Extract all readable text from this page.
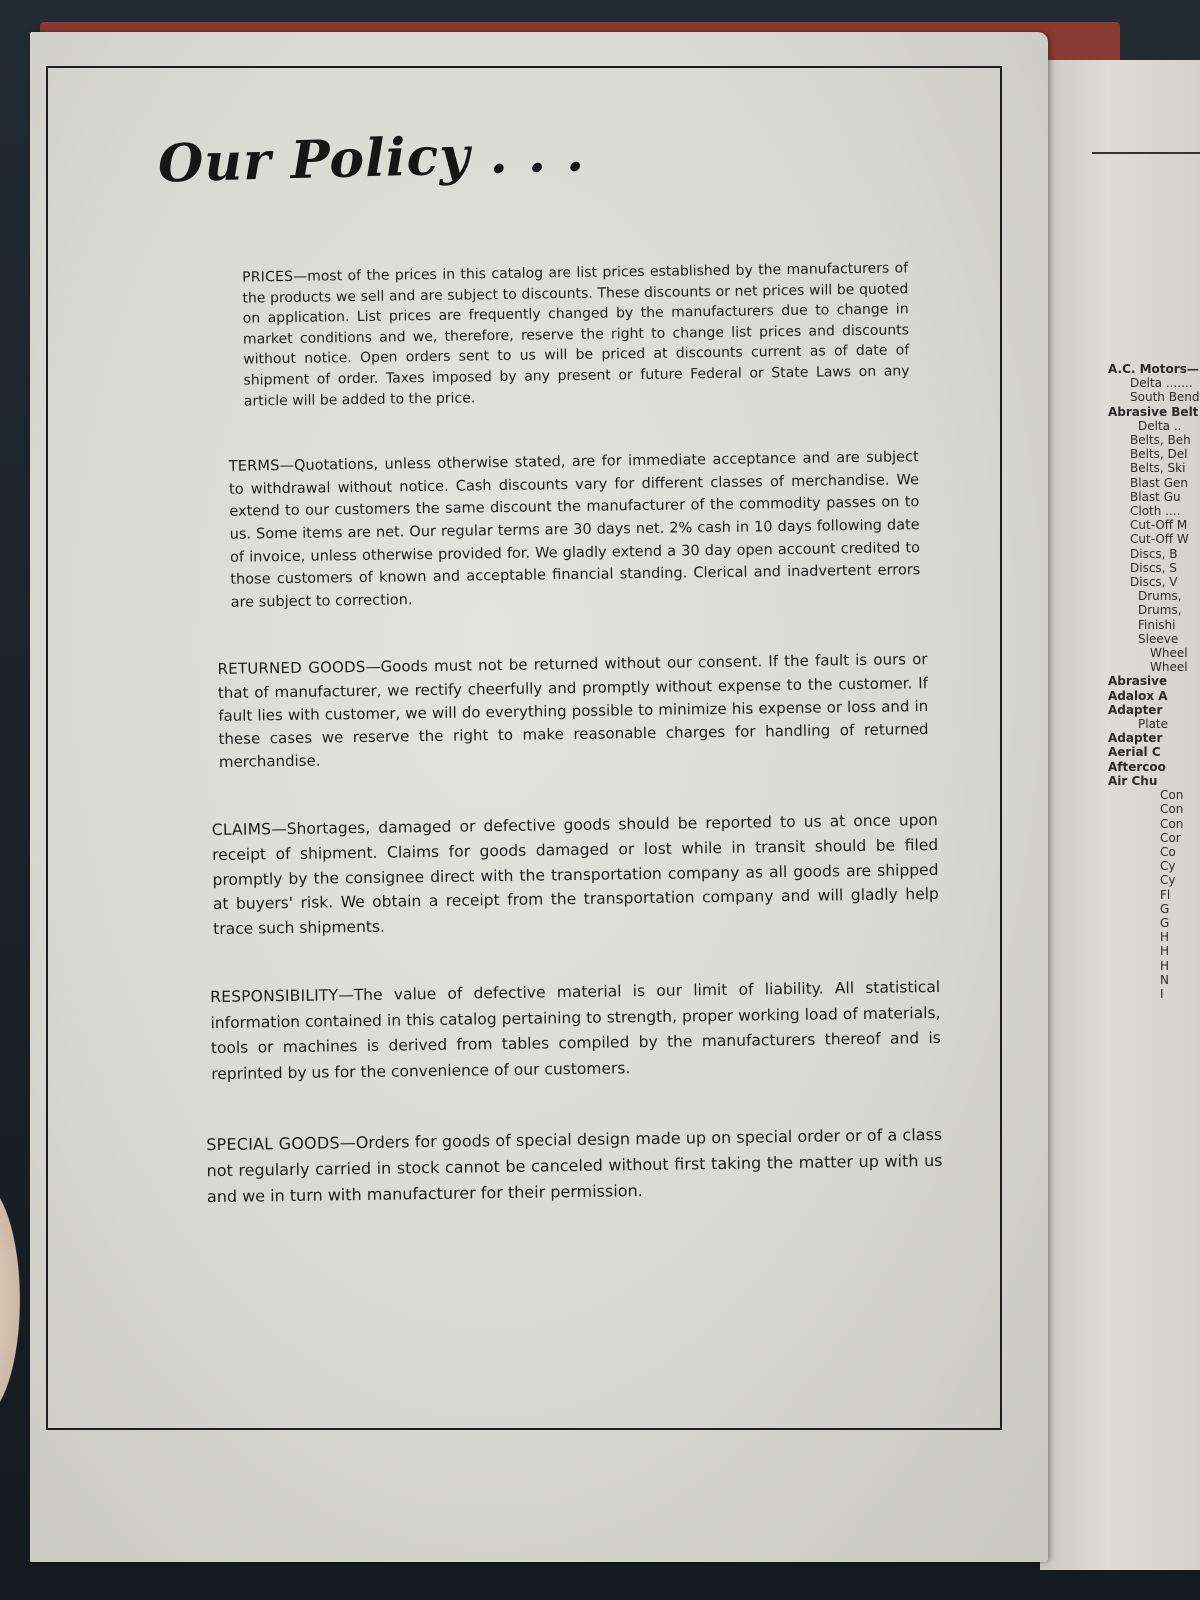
A.C. Motors—
Delta .......
South Bend
Abrasive Belt
Delta ..
Belts, Beh
Belts, Del
Belts, Ski
Blast Gen
Blast Gu
Cloth ....
Cut-Off M
Cut-Off W
Discs, B
Discs, S
Discs, V
Drums,
Drums,
Finishi
Sleeve
Wheel
Wheel
Abrasive
Adalox A
Adapter
Plate
Adapter
Aerial C
Aftercoo
Air Chu
Con
Con
Con
Cor
Co
Cy
Cy
Fl
G
G
H
H
H
N
I
Our Policy . . .

PRICES—most of the prices in this catalog are list prices established by the manufacturers of the products we sell and are subject to discounts. These discounts or net prices will be quoted on application. List prices are frequently changed by the manufacturers due to change in market conditions and we, therefore, reserve the right to change list prices and discounts without notice. Open orders sent to us will be priced at discounts current as of date of shipment of order. Taxes imposed by any present or future Federal or State Laws on any article will be added to the price.

TERMS—Quotations, unless otherwise stated, are for immediate acceptance and are subject to withdrawal without notice. Cash discounts vary for different classes of merchandise. We extend to our customers the same discount the manufacturer of the commodity passes on to us. Some items are net. Our regular terms are 30 days net. 2% cash in 10 days following date of invoice, unless otherwise provided for. We gladly extend a 30 day open account credited to those customers of known and acceptable financial standing. Clerical and inadvertent errors are subject to correction.

RETURNED GOODS—Goods must not be returned without our consent. If the fault is ours or that of manufacturer, we rectify cheerfully and promptly without expense to the customer. If fault lies with customer, we will do everything possible to minimize his expense or loss and in these cases we reserve the right to make reasonable charges for handling of returned merchandise.

CLAIMS—Shortages, damaged or defective goods should be reported to us at once upon receipt of shipment. Claims for goods damaged or lost while in transit should be filed promptly by the consignee direct with the transportation company as all goods are shipped at buyers' risk. We obtain a receipt from the transportation company and will gladly help trace such shipments.

RESPONSIBILITY—The value of defective material is our limit of liability. All statistical information contained in this catalog pertaining to strength, proper working load of materials, tools or machines is derived from tables compiled by the manufacturers thereof and is reprinted by us for the convenience of our customers.

SPECIAL GOODS—Orders for goods of special design made up on special order or of a class not regularly carried in stock cannot be canceled without first taking the matter up with us and we in turn with manufacturer for their permission.
